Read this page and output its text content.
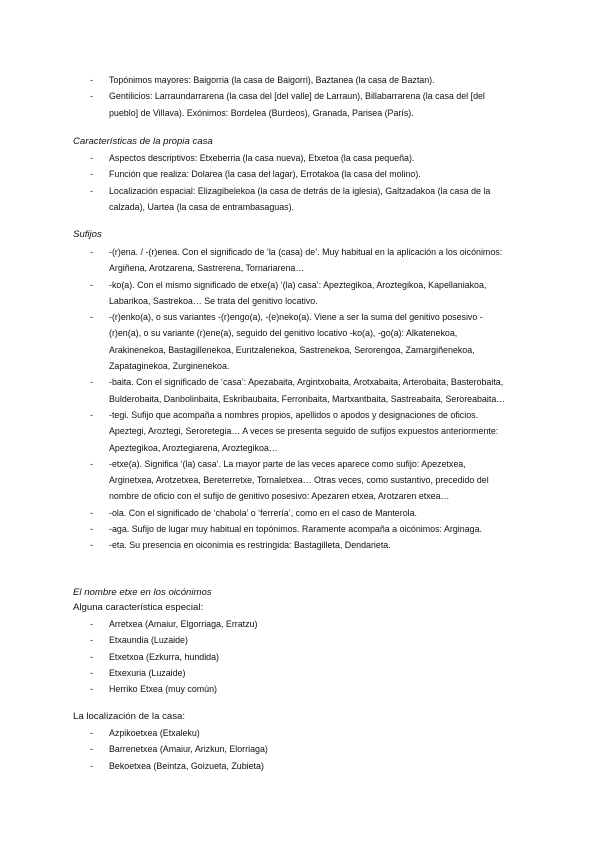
- Topónimos mayores: Baigorria (la casa de Baigorri), Baztanea (la casa de Baztan).
- Gentilicios: Larraundarrarena (la casa del [del valle] de Larraun), Billabarrarena (la casa del [del pueblo] de Villava). Exónimos: Bordelea (Burdeos), Granada, Parisea (París).
Características de la propia casa
- Aspectos descriptivos: Etxeberria (la casa nueva), Etxetoa (la casa pequeña).
- Función que realiza: Dolarea (la casa del lagar), Errotakoa (la casa del molino).
- Localización espacial: Elizagibelekoa (la casa de detrás de la iglesia), Galtzadakoa (la casa de la calzada), Uartea (la casa de entrambasaguas).
Sufijos
- -(r)ena. / -(r)enea. Con el significado de ‘la (casa) de’. Muy habitual en la aplicación a los oicónimos: Argiñena, Arotzarena, Sastrerena, Tornariarena…
- -ko(a). Con el mismo significado de etxe(a) ‘(la) casa’: Apeztegikoa, Aroztegikoa, Kapellaniakoa, Labarikoa, Sastrekoa… Se trata del genitivo locativo.
- -(r)enko(a), o sus variantes -(r)engo(a), -(e)neko(a). Viene a ser la suma del genitivo posesivo -(r)en(a), o su variante (r)ene(a), seguido del genitivo locativo -ko(a), -go(a): Alkatenekoa, Arakinenekoa, Bastagillenekoa, Euntzalenekoa, Sastrenekoa, Serorengoa, Zamargiñenekoa, Zapataginekoa, Zurginenekoa.
- -baita. Con el significado de ‘casa’: Apezabaita, Argintxobaita, Arotxabaita, Arterobaita, Basterobaita, Bulderobaita, Danbolinbaita, Eskribaubaita, Ferronbaita, Martxantbaita, Sastreabaita, Seroreabaita…
- -tegi. Sufijo que acompaña a nombres propios, apellidos o apodos y designaciones de oficios. Apeztegi, Aroztegi, Seroretegia… A veces se presenta seguido de sufijos expuestos anteriormente: Apeztegikoa, Aroztegiarena, Aroztegikoa…
- -etxe(a). Significa ‘(la) casa’. La mayor parte de las veces aparece como sufijo: Apezetxea, Arginetxea, Arotzetxea, Bereterretxe, Tornaletxea… Otras veces, como sustantivo, precedido del nombre de oficio con el sufijo de genitivo posesivo: Apezaren etxea, Arotzaren etxea…
- -ola. Con el significado de ‘chabola’ o ‘ferrería’, como en el caso de Manterola.
- -aga. Sufijo de lugar muy habitual en topónimos. Raramente acompaña a oicónimos: Arginaga.
- -eta. Su presencia en oiconimia es restringida: Bastagilleta, Dendarieta.
El nombre etxe en los oicónimos
Alguna característica especial:
- Arretxea (Amaiur, Elgorriaga, Erratzu)
- Etxaundia (Luzaide)
- Etxetxoa (Ezkurra, hundida)
- Etxexuria (Luzaide)
- Herriko Etxea (muy común)
La localización de la casa:
- Azpikoetxea (Etxaleku)
- Barrenetxea (Amaiur, Arizkun, Elorriaga)
- Bekoetxea (Beintza, Goizueta, Zubieta)
